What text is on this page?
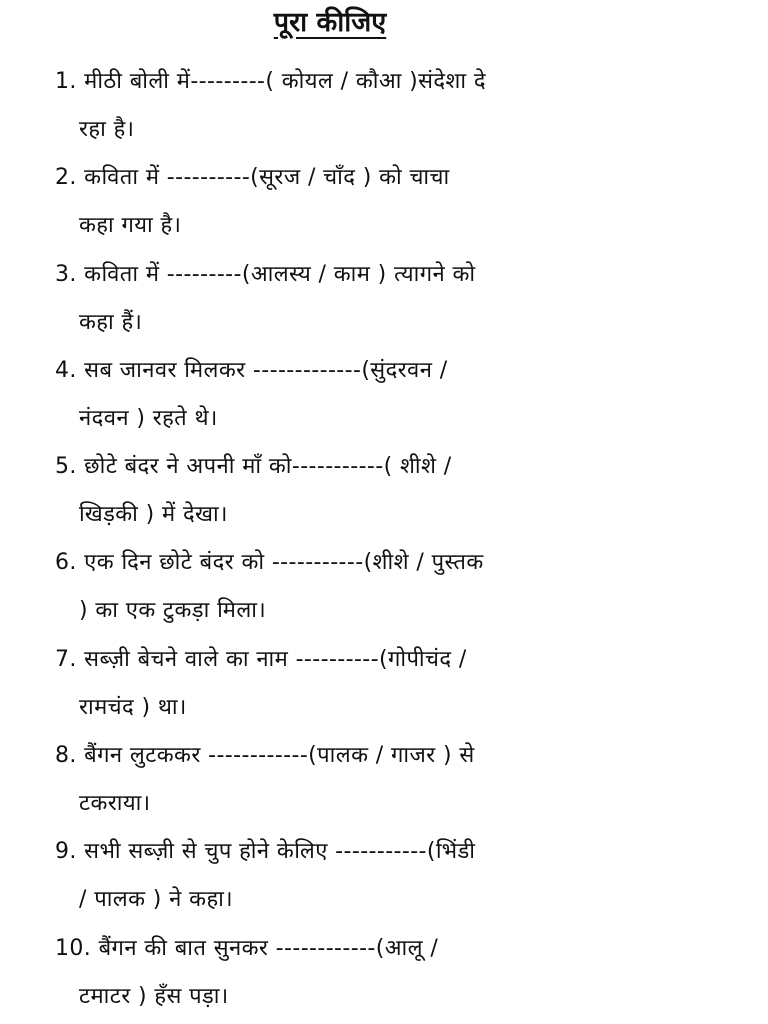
पूरा कीजिए
1. मीठी बोली में---------( कोयल / कौआ )संदेशा दे
रहा है।
2. कविता में ----------(सूरज / चाँद ) को चाचा
कहा गया है।
3. कविता में ---------(आलस्य / काम ) त्यागने को
कहा हैं।
4. सब जानवर मिलकर -------------(सुंदरवन /
नंदवन ) रहते थे।
5. छोटे बंदर ने अपनी माँ को-----------( शीशे /
खिड़की ) में देखा।
6. एक दिन छोटे बंदर को -----------(शीशे / पुस्तक
) का एक टुकड़ा मिला।
7. सब्ज़ी बेचने वाले का नाम ----------(गोपीचंद /
रामचंद ) था।
8. बैंगन लुटककर ------------(पालक / गाजर ) से
टकराया।
9. सभी सब्ज़ी से चुप होने केलिए -----------(भिंडी
/ पालक ) ने कहा।
10. बैंगन की बात सुनकर ------------(आलू /
टमाटर ) हँस पड़ा।
